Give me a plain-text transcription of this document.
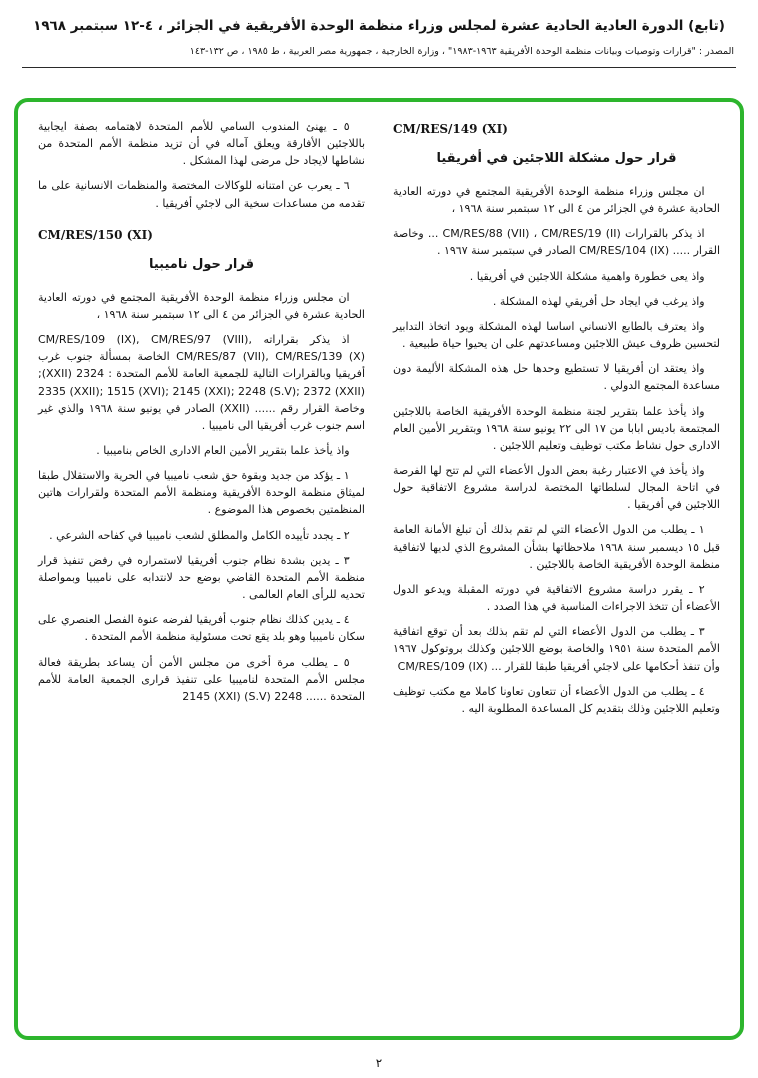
(تابع) الدورة العادية الحادية عشرة لمجلس وزراء منظمة الوحدة الأفريقية في الجزائر ، ٤-١٢ سبتمبر ١٩٦٨
المصدر : "قرارات وتوصيات وبيانات منظمة الوحدة الأفريقية ١٩٦٣-١٩٨٣" ، وزارة الخارجية ، جمهورية مصر العربية ، ط ١٩٨٥ ، ص ١٣٢-١٤٣
CM/RES/149 (XI)
قرار حول مشكلة اللاجئين في أفريقيا

ان مجلس وزراء منظمة الوحدة الأفريقية المجتمع في دورته العادية الحادية عشرة في الجزائر من ٤ الى ١٢ سبتمبر سنة ١٩٦٨ ،

اذ يذكر بالقرارات CM/RES/88 (VII) ، CM/RES/19 (II) ... وخاصة القرار ..... CM/RES/104 (IX) الصادر في سبتمبر سنة ١٩٦٧ .

واذ يعى خطورة واهمية مشكلة اللاجئين في أفريقيا .

واذ يرغب في ايجاد حل أفريقي لهذه المشكلة .

واذ يعترف بالطابع الانساني اساسا لهذه المشكلة ويود اتخاذ التدابير لتحسين ظروف عيش اللاجئين ومساعدتهم على ان يحيوا حياة طبيعية .

واذ يعتقد ان أفريقيا لا تستطيع وحدها حل هذه المشكلة الأليمة دون مساعدة المجتمع الدولي .

واذ يأخذ علما بتقرير لجنة منظمة الوحدة الأفريقية الخاصة باللاجئين المجتمعة باديس ابابا من ١٧ الى ٢٢ يونيو سنة ١٩٦٨ وبتقرير الأمين العام الادارى حول نشاط مكتب توظيف وتعليم اللاجئين .

واذ يأخذ في الاعتبار رغبة بعض الدول الأعضاء التي لم تتح لها الفرصة في اتاحة المجال لسلطاتها المختصة لدراسة مشروع الاتفاقية حول اللاجئين في أفريقيا .

١ ـ يطلب من الدول الأعضاء التي لم تقم بذلك أن تبلغ الأمانة العامة قبل ١٥ ديسمبر سنة ١٩٦٨ ملاحظاتها بشأن المشروع الذي لديها لاتفاقية منظمة الوحدة الأفريقية الخاصة باللاجئين .

٢ ـ يقرر دراسة مشروع الاتفاقية في دورته المقبلة ويدعو الدول الأعضاء أن تتخذ الاجراءات المناسبة في هذا الصدد .

٣ ـ يطلب من الدول الأعضاء التي لم تقم بذلك بعد أن توقع اتفاقية الأمم المتحدة سنة ١٩٥١ والخاصة بوضع اللاجئين وكذلك بروتوكول ١٩٦٧ وأن تنفذ أحكامها على لاجئي أفريقيا طبقا للقرار ... CM/RES/109 (IX)

٤ ـ يطلب من الدول الأعضاء أن تتعاون تعاونا كاملا مع مكتب توظيف وتعليم اللاجئين وذلك بتقديم كل المساعدة المطلوبة اليه .

٥ ـ يهنئ المندوب السامي للأمم المتحدة لاهتمامه بصفة ايجابية باللاجئين الأفارقة ويعلق آماله في أن تزيد منظمة الأمم المتحدة من نشاطها لايجاد حل مرضى لهذا المشكل .

٦ ـ يعرب عن امتنانه للوكالات المختصة والمنظمات الانسانية على ما تقدمه من مساعدات سخية الى لاجئي أفريقيا .

CM/RES/150 (XI)
قرار حول ناميبيا

ان مجلس وزراء منظمة الوحدة الأفريقية المجتمع في دورته العادية الحادية عشرة في الجزائر من ٤ الى ١٢ سبتمبر سنة ١٩٦٨ ،

اذ يذكر بقراراته CM/RES/109 (IX), CM/RES/97 (VIII), CM/RES/87 (VII), CM/RES/139 (X) الخاصة بمسألة جنوب غرب أفريقيا وبالقرارات التالية للجمعية العامة للأمم المتحدة : 2324 (XXII); 2335 (XXII); 1515 (XVI); 2145 (XXI); 2248 (S.V); 2372 (XXII) وخاصة القرار رقم ...... (XXII) الصادر في يونيو سنة ١٩٦٨ والذي غير اسم جنوب غرب أفريقيا الى ناميبيا .

واذ يأخذ علما بتقرير الأمين العام الادارى الخاص بناميبيا .

١ ـ يؤكد من جديد وبقوة حق شعب ناميبيا في الحرية والاستقلال طبقا لميثاق منظمة الوحدة الأفريقية ومنظمة الأمم المتحدة ولقرارات هاتين المنظمتين بخصوص هذا الموضوع .

٢ ـ يجدد تأييده الكامل والمطلق لشعب ناميبيا في كفاحه الشرعي .

٣ ـ يدين بشدة نظام جنوب أفريقيا لاستمراره في رفض تنفيذ قرار منظمة الأمم المتحدة القاضي بوضع حد لانتدابه على ناميبيا وبمواصلة تحديه للرأى العام العالمى .

٤ ـ يدين كذلك نظام جنوب أفريقيا لفرضه عنوة الفصل العنصري على سكان ناميبيا وهو بلد يقع تحت مسئولية منظمة الأمم المتحدة .

٥ ـ يطلب مرة أخرى من مجلس الأمن أن يساعد بطريقة فعالة مجلس الأمم المتحدة لناميبيا على تنفيذ قرارى الجمعية العامة للأمم المتحدة ...... 2248 (S.V) 2145 (XXI)

٢
